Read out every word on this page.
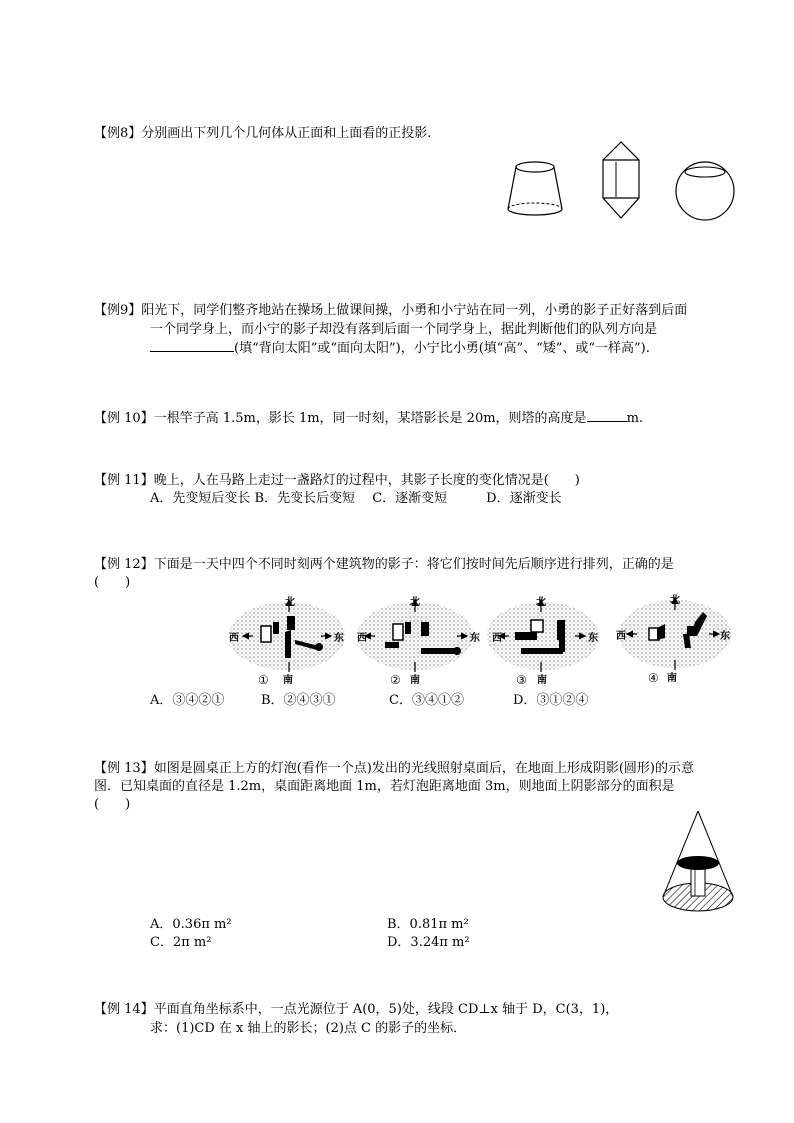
【例8】分别画出下列几个几何体从正面和上面看的正投影.
【例9】阳光下，同学们整齐地站在操场上做课间操，小勇和小宁站在同一列，小勇的影子正好落到后面
一个同学身上，而小宁的影子却没有落到后面一个同学身上，据此判断他们的队列方向是
(填“背向太阳”或“面向太阳”)，小宁比小勇(填“高”、“矮”、或“一样高”).
【例 10】一根竿子高 1.5m，影长 1m，同一时刻，某塔影长是 20m，则塔的高度是	m.
【例 11】晚上，人在马路上走过一盏路灯的过程中，其影子长度的变化情况是(　　)
A．先变短后变长 B．先变长后变短　 C．逐渐变短　　　D．逐渐变长
【例 12】下面是一天中四个不同时刻两个建筑物的影子：将它们按时间先后顺序进行排列，正确的是
(　　)
北
西	东
南
①
北
西	东
南
②
北
西	东
南
③
北
西	东
南
④
A．③④②①	B．②④③①	C．③④①②	D．③①②④
【例 13】如图是圆桌正上方的灯泡(看作一个点)发出的光线照射桌面后，在地面上形成阴影(圆形)的示意
图．已知桌面的直径是 1.2m，桌面距离地面 1m，若灯泡距离地面 3m，则地面上阴影部分的面积是
(　　)
A．0.36π m²	B．0.81π m²
C．2π m²	D．3.24π m²
【例 14】平面直角坐标系中，一点光源位于 A(0，5)处，线段 CD⊥x 轴于 D，C(3，1)，
求：(1)CD 在 x 轴上的影长；(2)点 C 的影子的坐标．
